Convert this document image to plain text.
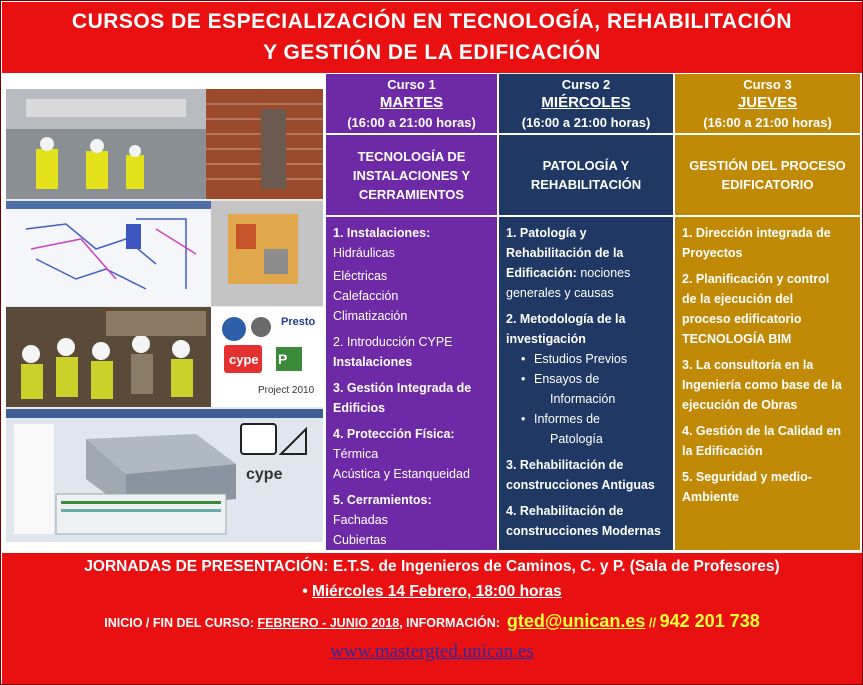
CURSOS DE ESPECIALIZACIÓN EN TECNOLOGÍA, REHABILITACIÓN
Y GESTIÓN DE LA EDIFICACIÓN
Presto
cype P
Project 2010
cype
Curso 1
MARTES
(16:00 a 21:00 horas)
TECNOLOGÍA DE
INSTALACIONES Y
CERRAMIENTOS
1. Instalaciones:
Hidráulicas
Eléctricas
Calefacción
Climatización
2. Introducción CYPE
Instalaciones
3. Gestión Integrada de
Edificios
4. Protección Física:
Térmica
Acústica y Estanqueidad
5. Cerramientos:
Fachadas
Cubiertas
Curso 2
MIÉRCOLES
(16:00 a 21:00 horas)
PATOLOGÍA Y
REHABILITACIÓN
1. Patología y
Rehabilitación de la
Edificación: nociones
generales y causas
2. Metodología de la
investigación
• Estudios Previos
• Ensayos de
Información
• Informes de
Patología
3. Rehabilitación de
construcciones Antiguas
4. Rehabilitación de
construcciones Modernas
Curso 3
JUEVES
(16:00 a 21:00 horas)
GESTIÓN DEL PROCESO
EDIFICATORIO
1. Dirección integrada de
Proyectos
2. Planificación y control
de la ejecución del
proceso edificatorio
TECNOLOGÍA BIM
3. La consultoría en la
Ingeniería como base de la
ejecución de Obras
4. Gestión de la Calidad en
la Edificación
5. Seguridad y medio-
Ambiente
JORNADAS DE PRESENTACIÓN: E.T.S. de Ingenieros de Caminos, C. y P. (Sala de Profesores)
• Miércoles 14 Febrero, 18:00 horas
INICIO / FIN DEL CURSO: FEBRERO - JUNIO 2018, INFORMACIÓN: gted@unican.es // 942 201 738
www.mastergted.unican.es
